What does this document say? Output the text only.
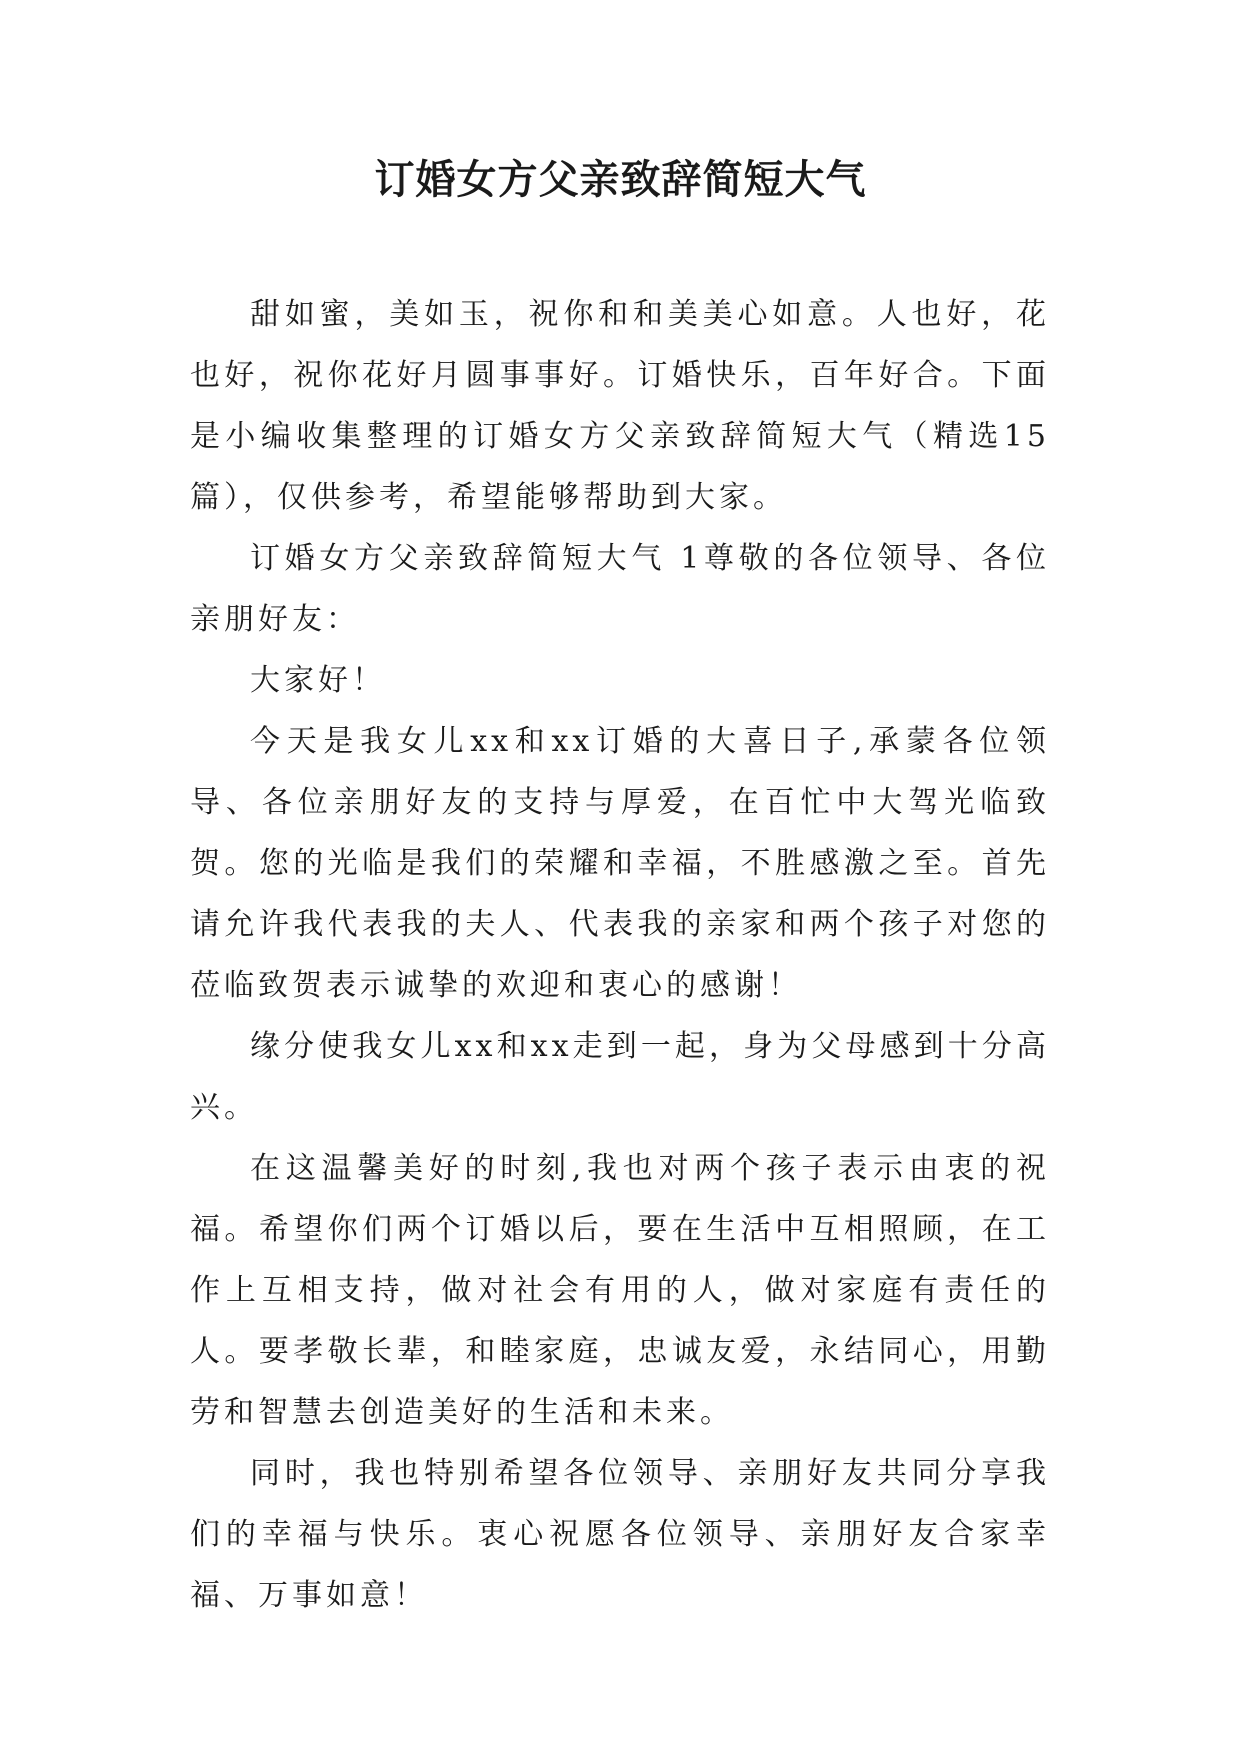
订婚女方父亲致辞简短大气

甜如蜜，美如玉，祝你和和美美心如意。人也好，花也好，祝你花好月圆事事好。订婚快乐，百年好合。下面是小编收集整理的订婚女方父亲致辞简短大气（精选15篇），仅供参考，希望能够帮助到大家。

订婚女方父亲致辞简短大气 1尊敬的各位领导、各位亲朋好友：

大家好！

今天是我女儿xx和xx订婚的大喜日子,承蒙各位领导、各位亲朋好友的支持与厚爱，在百忙中大驾光临致贺。您的光临是我们的荣耀和幸福，不胜感激之至。首先请允许我代表我的夫人、代表我的亲家和两个孩子对您的莅临致贺表示诚挚的欢迎和衷心的感谢！

缘分使我女儿xx和xx走到一起，身为父母感到十分高兴。

在这温馨美好的时刻,我也对两个孩子表示由衷的祝福。希望你们两个订婚以后，要在生活中互相照顾，在工作上互相支持，做对社会有用的人，做对家庭有责任的人。要孝敬长辈，和睦家庭，忠诚友爱，永结同心，用勤劳和智慧去创造美好的生活和未来。

同时，我也特别希望各位领导、亲朋好友共同分享我们的幸福与快乐。衷心祝愿各位领导、亲朋好友合家幸福、万事如意！
